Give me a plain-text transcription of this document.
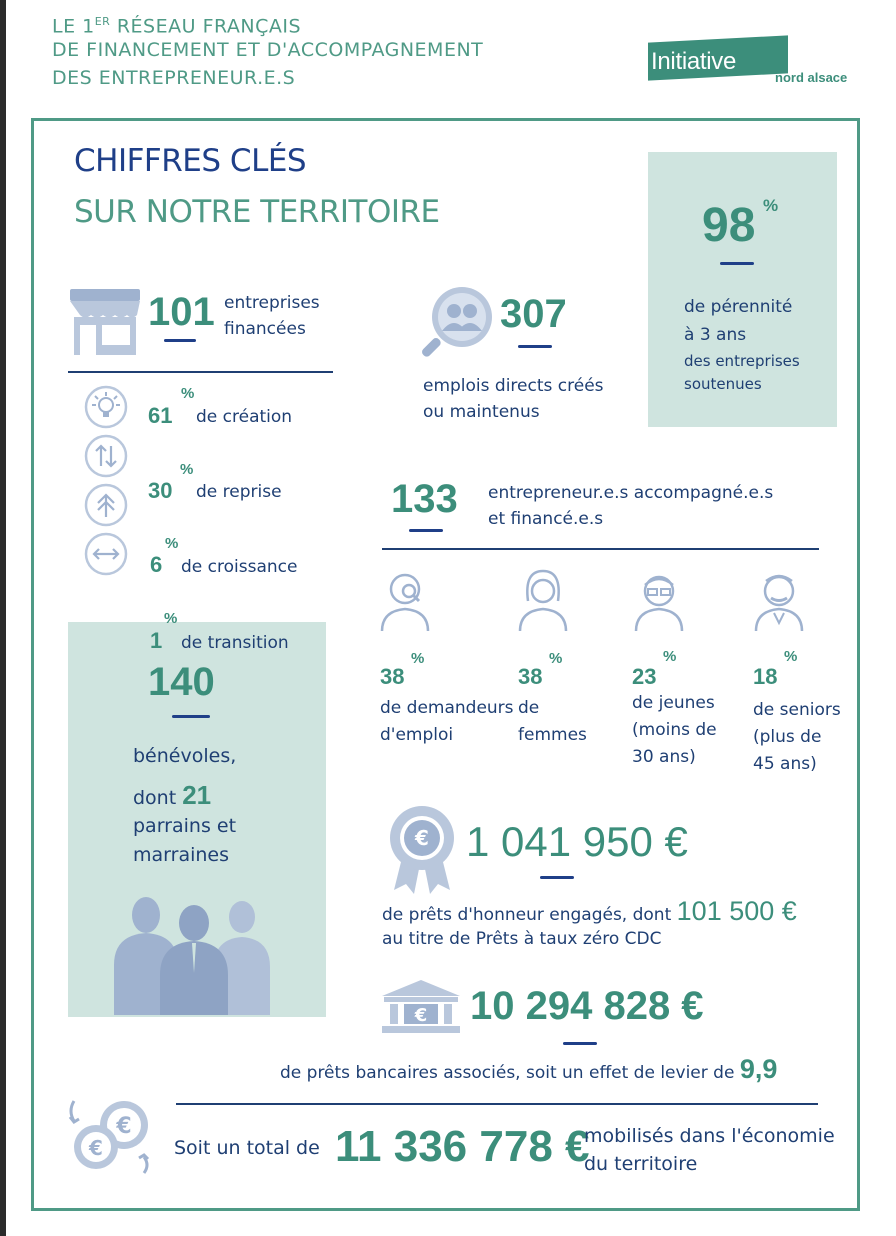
LE 1ER RÉSEAU FRANÇAIS
DE FINANCEMENT ET D'ACCOMPAGNEMENT
DES ENTREPRENEUR.E.S
Initiative
nord alsace
CHIFFRES CLÉS
SUR NOTRE TERRITOIRE	98 %
de pérennité
à 3 ans
des entreprises
soutenues
101 entreprises
financées	307
emplois directs créés
ou maintenus
61
%
de création
30
%
de reprise
6
%
de croissance
1
%
de transition
140
bénévoles,
dont 21
parrains et
marraines
133 entrepreneur.e.s accompagné.e.s
et financé.e.s
38
%
de demandeurs
d'emploi
38
%
de
femmes
23
%
de jeunes
(moins de
30 ans)
18
%
de seniors
(plus de
45 ans)
€ 1 041 950 €
de prêts d'honneur engagés, dont 101 500 €
au titre de Prêts à taux zéro CDC
€ 10 294 828 €
de prêts bancaires associés, soit un effet de levier de 9,9
€
€	Soit un total de 11 336 778 €
mobilisés dans l'économie
du territoire
